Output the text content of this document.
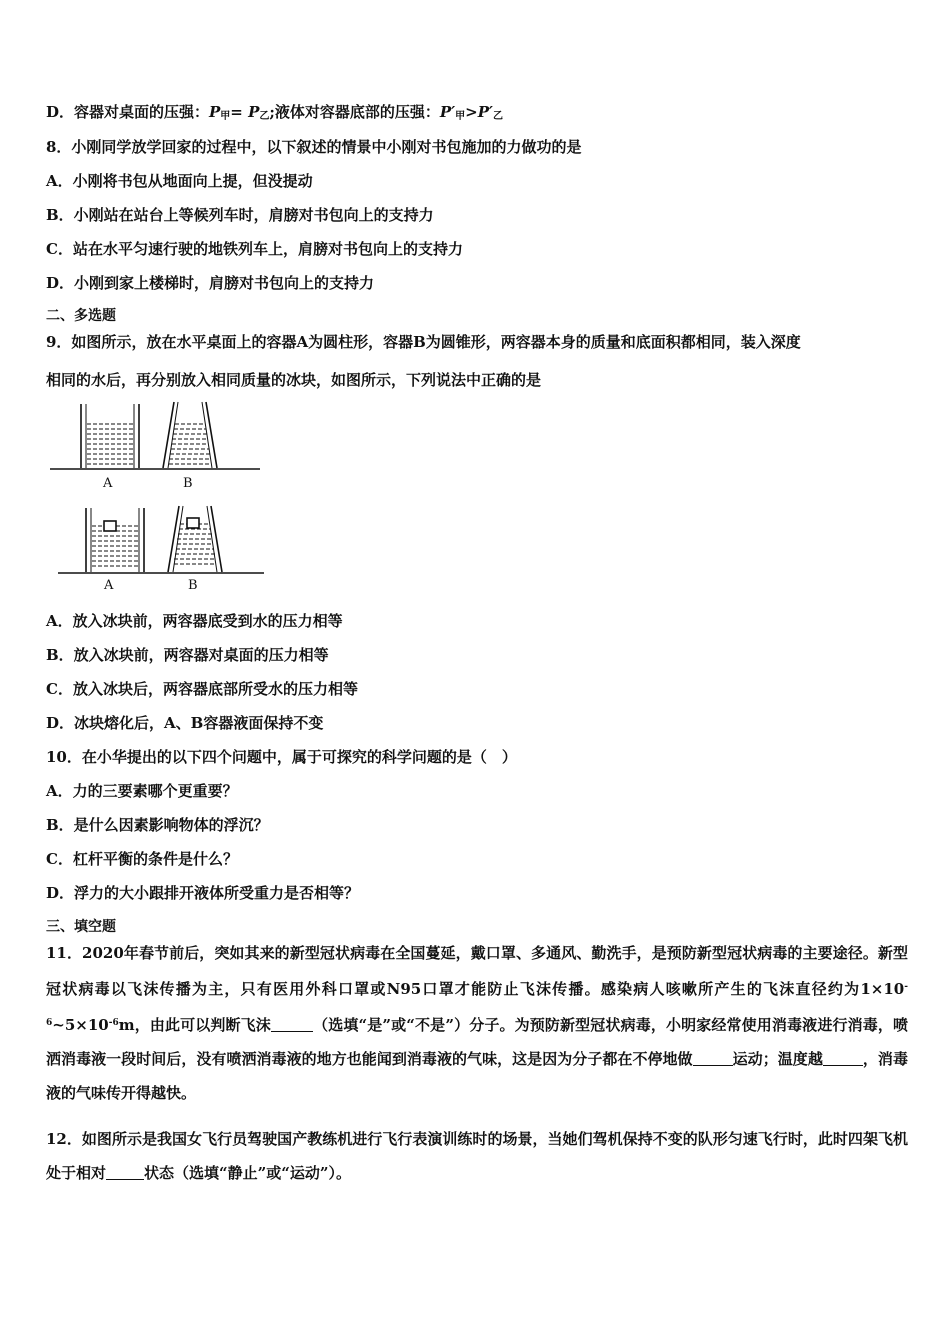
D．容器对桌面的压强：$P_甲= P_乙$;液体对容器底部的压强：$P'_甲>P'_乙$
8．小刚同学放学回家的过程中，以下叙述的情景中小刚对书包施加的力做功的是
A．小刚将书包从地面向上提，但没提动
B．小刚站在站台上等候列车时，肩膀对书包向上的支持力
C．站在水平匀速行驶的地铁列车上，肩膀对书包向上的支持力
D．小刚到家上楼梯时，肩膀对书包向上的支持力
二、多选题
9．如图所示，放在水平桌面上的容器A为圆柱形，容器B为圆锥形，两容器本身的质量和底面积都相同，装入深度
相同的水后，再分别放入相同质量的冰块，如图所示，下列说法中正确的是
A	B
A	B
A．放入冰块前，两容器底受到水的压力相等
B．放入冰块前，两容器对桌面的压力相等
C．放入冰块后，两容器底部所受水的压力相等
D．冰块熔化后，A、B容器液面保持不变
10．在小华提出的以下四个问题中，属于可探究的科学问题的是（　）
A．力的三要素哪个更重要？
B．是什么因素影响物体的浮沉？
C．杠杆平衡的条件是什么？
D．浮力的大小跟排开液体所受重力是否相等？
三、填空题
11．2020年春节前后，突如其来的新型冠状病毒在全国蔓延，戴口罩、多通风、勤洗手，是预防新型冠状病毒的主要途径。新型冠状病毒以飞沫传播为主，只有医用外科口罩或N95口罩才能防止飞沫传播。感染病人咳嗽所产生的飞沫直径约为$1\times 10^{-6}\sim 5\times 10^{-6}m$，由此可以判断飞沫	（选填“是”或“不是”）分子。为预防新型冠状病毒，小明家经常使用消毒液进行消毒，喷洒消毒液一段时间后，没有喷洒消毒液的地方也能闻到消毒液的气味，这是因为分子都在不停地做	运动；温度越	，消毒液的气味传开得越快。
12．如图所示是我国女飞行员驾驶国产教练机进行飞行表演训练时的场景，当她们驾机保持不变的队形匀速飞行时，此时四架飞机处于相对	状态（选填“静止”或“运动”）。
